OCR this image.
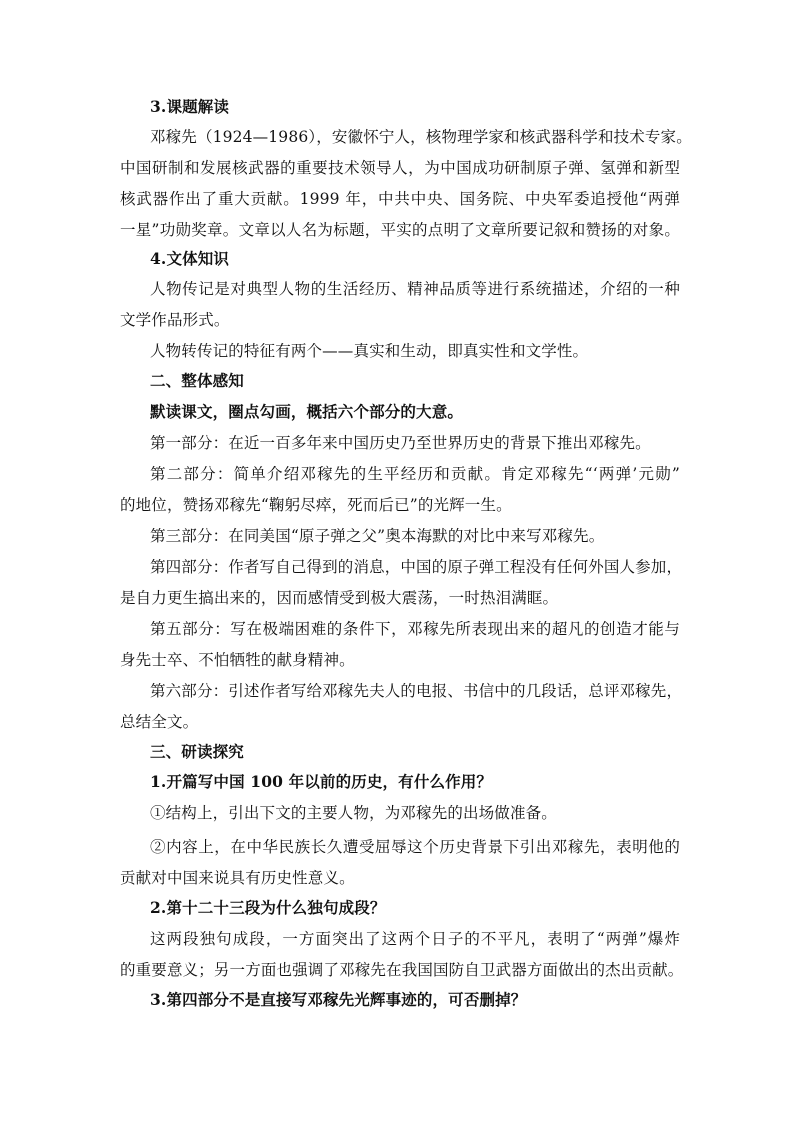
3.课题解读
邓稼先（1924—1986），安徽怀宁人，核物理学家和核武器科学和技术专家。
中国研制和发展核武器的重要技术领导人，为中国成功研制原子弹、氢弹和新型
核武器作出了重大贡献。1999 年，中共中央、国务院、中央军委追授他“两弹
一星”功勋奖章。文章以人名为标题，平实的点明了文章所要记叙和赞扬的对象。
4.文体知识
人物传记是对典型人物的生活经历、精神品质等进行系统描述，介绍的一种
文学作品形式。
人物转传记的特征有两个——真实和生动，即真实性和文学性。
二、整体感知
默读课文，圈点勾画，概括六个部分的大意。
第一部分：在近一百多年来中国历史乃至世界历史的背景下推出邓稼先。
第二部分：简单介绍邓稼先的生平经历和贡献。肯定邓稼先“‘两弹’元勋”
的地位，赞扬邓稼先“鞠躬尽瘁，死而后已”的光辉一生。
第三部分：在同美国“原子弹之父”奥本海默的对比中来写邓稼先。
第四部分：作者写自己得到的消息，中国的原子弹工程没有任何外国人参加，
是自力更生搞出来的，因而感情受到极大震荡，一时热泪满眶。
第五部分：写在极端困难的条件下，邓稼先所表现出来的超凡的创造才能与
身先士卒、不怕牺牲的献身精神。
第六部分：引述作者写给邓稼先夫人的电报、书信中的几段话，总评邓稼先，
总结全文。
三、研读探究
1.开篇写中国 100 年以前的历史，有什么作用？
①结构上，引出下文的主要人物，为邓稼先的出场做准备。
②内容上，在中华民族长久遭受屈辱这个历史背景下引出邓稼先，表明他的
贡献对中国来说具有历史性意义。
2.第十二十三段为什么独句成段？
这两段独句成段，一方面突出了这两个日子的不平凡，表明了“两弹”爆炸
的重要意义；另一方面也强调了邓稼先在我国国防自卫武器方面做出的杰出贡献。
3.第四部分不是直接写邓稼先光辉事迹的，可否删掉？
